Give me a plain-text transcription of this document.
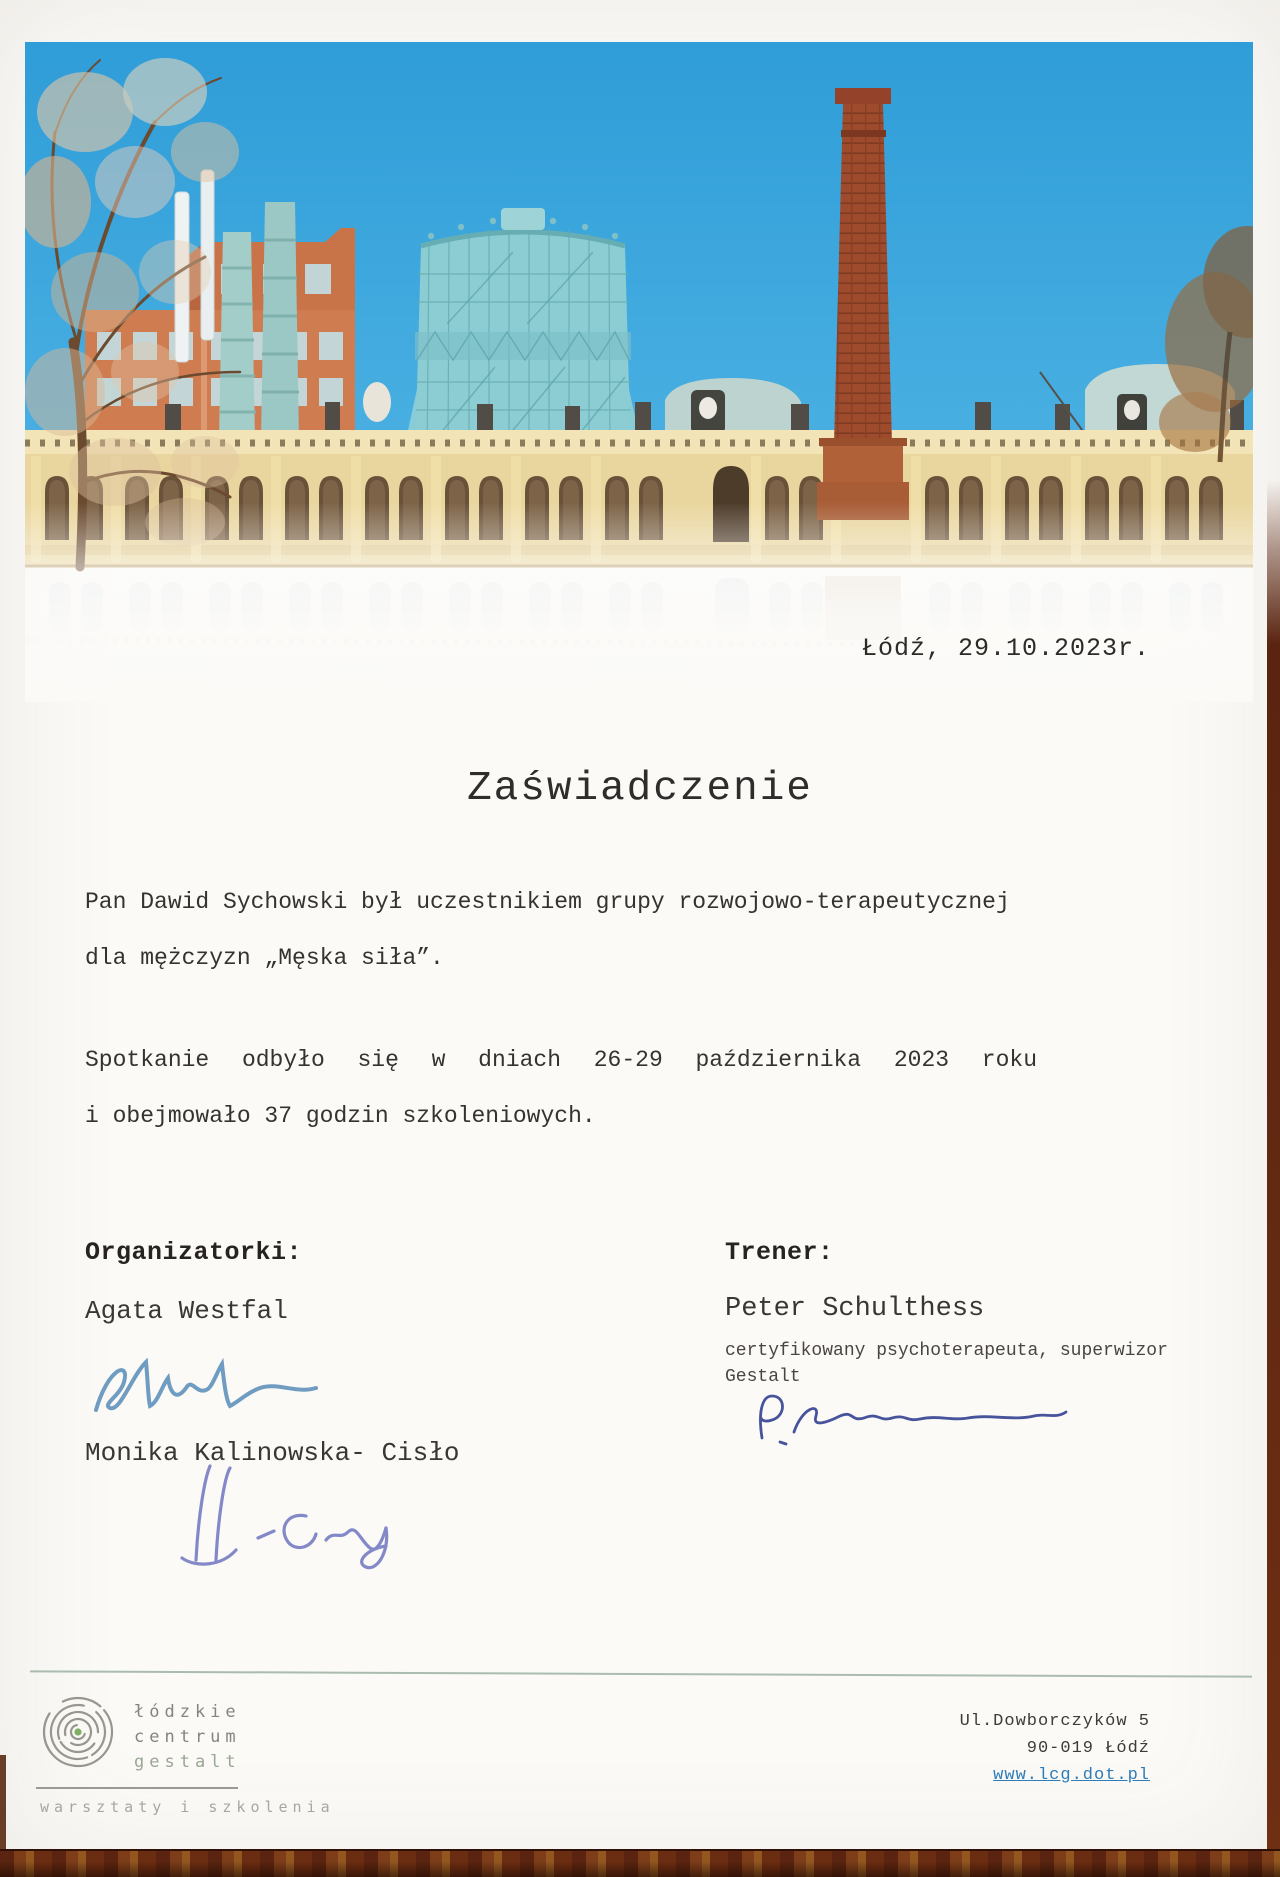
Łódź, 29.10.2023r.
Zaświadczenie
Pan Dawid Sychowski był uczestnikiem grupy rozwojowo-terapeutycznej
dla mężczyzn „Męska siła”.
Spotkanie odbyło się w dniach 26-29 października 2023 roku
i obejmowało 37 godzin szkoleniowych.
Organizatorki:	Trener:
Agata Westfal	Peter Schulthess
certyfikowany psychoterapeuta, superwizor Gestalt
Monika Kalinowska- Cisło
łódzkie
centrum
gestalt
warsztaty i szkolenia
Ul.Dowborczyków 5
90-019 Łódź
www.lcg.dot.pl
